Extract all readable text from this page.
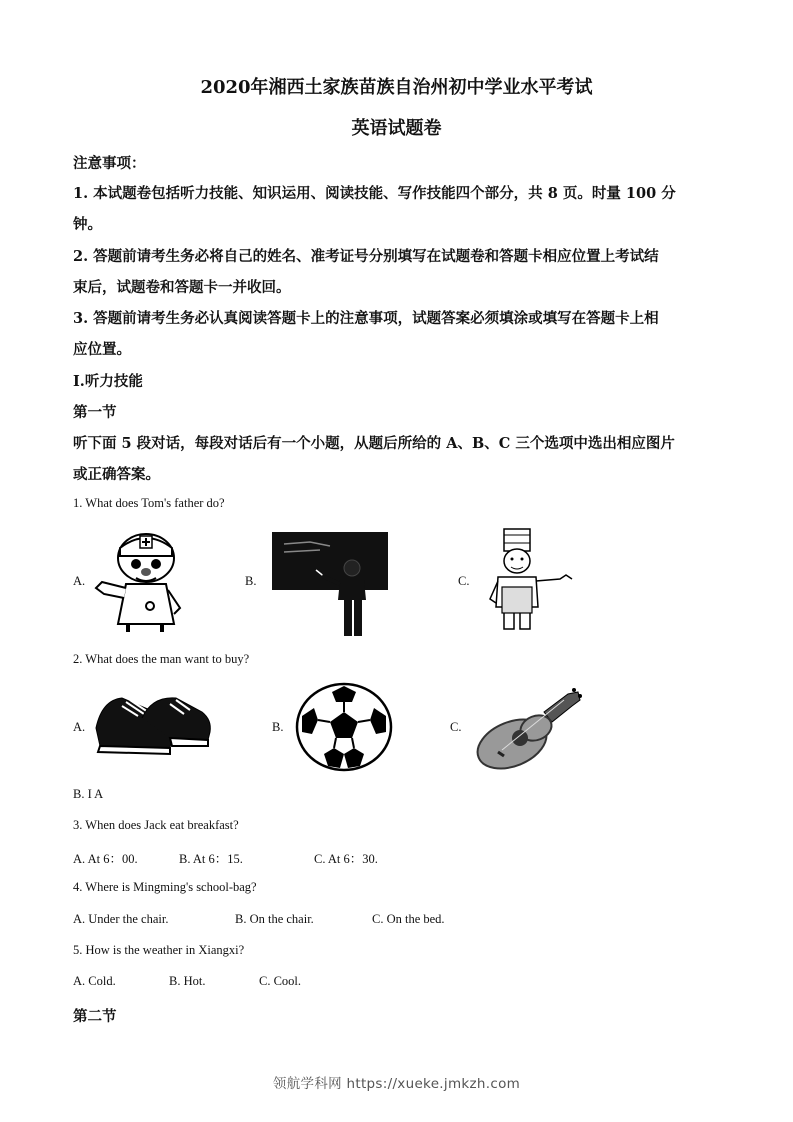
2020年湘西土家族苗族自治州初中学业水平考试
英语试题卷
注意事项：
1. 本试题卷包括听力技能、知识运用、阅读技能、写作技能四个部分，共 8 页。时量 100 分
钟。
2. 答题前请考生务必将自己的姓名、准考证号分别填写在试题卷和答题卡相应位置上考试结
束后，试题卷和答题卡一并收回。
3. 答题前请考生务必认真阅读答题卡上的注意事项，试题答案必须填涂或填写在答题卡上相
应位置。
I.听力技能
第一节
听下面 5 段对话，每段对话后有一个小题，从题后所给的 A、B、C 三个选项中选出相应图片
或正确答案。
1. What does Tom's father do?
A.	B.	C.
2. What does the man want to buy?
A.	B.	C.
B. I A
3. When does Jack eat breakfast?
A. At 6：00.	B. At 6：15.	C. At 6：30.
4. Where is Mingming's school-bag?
A. Under the chair.	B. On the chair.	C. On the bed.
5. How is the weather in Xiangxi?
A. Cold.	B. Hot.	C. Cool.
第二节
领航学科网 https://xueke.jmkzh.com
